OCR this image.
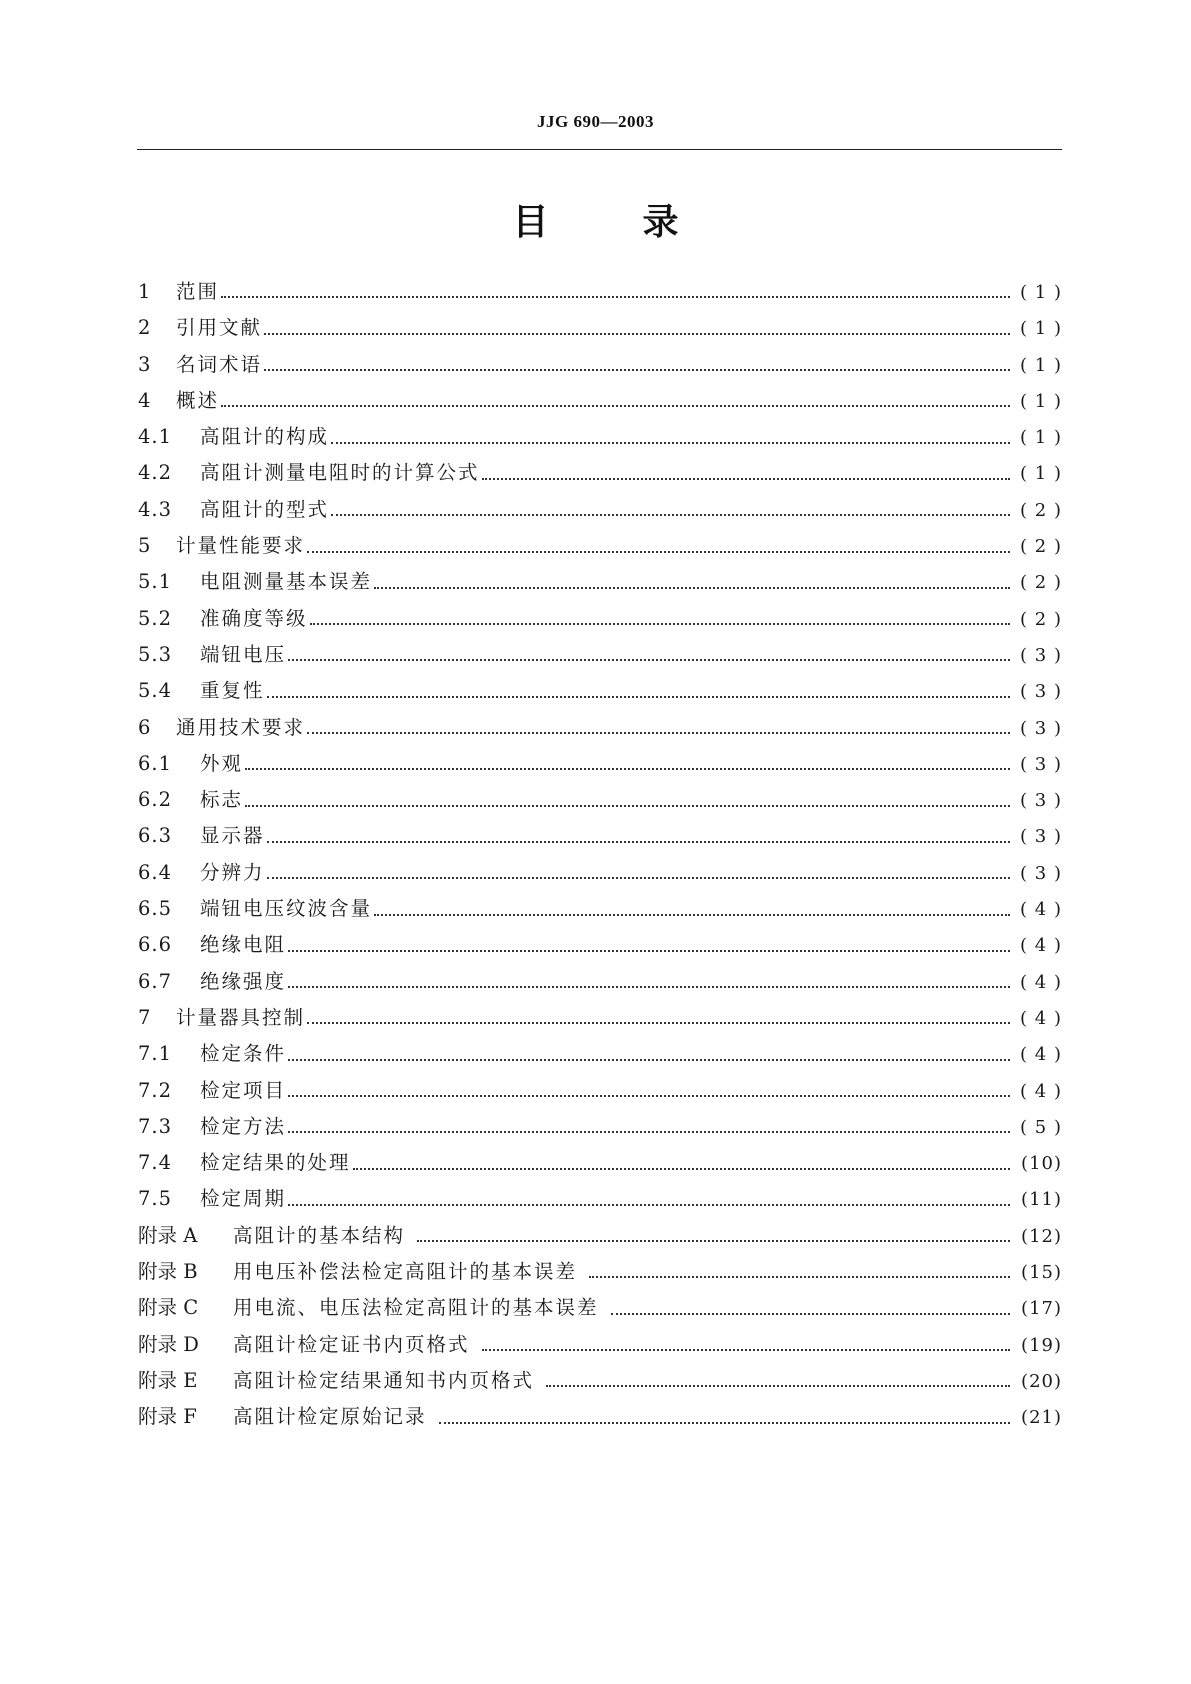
JJG 690—2003
目	录
1	范围	( 1 )
2	引用文献	( 1 )
3	名词术语	( 1 )
4	概述	( 1 )
4.1	高阻计的构成	( 1 )
4.2	高阻计测量电阻时的计算公式	( 1 )
4.3	高阻计的型式	( 2 )
5	计量性能要求	( 2 )
5.1	电阻测量基本误差	( 2 )
5.2	准确度等级	( 2 )
5.3	端钮电压	( 3 )
5.4	重复性	( 3 )
6	通用技术要求	( 3 )
6.1	外观	( 3 )
6.2	标志	( 3 )
6.3	显示器	( 3 )
6.4	分辨力	( 3 )
6.5	端钮电压纹波含量	( 4 )
6.6	绝缘电阻	( 4 )
6.7	绝缘强度	( 4 )
7	计量器具控制	( 4 )
7.1	检定条件	( 4 )
7.2	检定项目	( 4 )
7.3	检定方法	( 5 )
7.4	检定结果的处理	(10)
7.5	检定周期	(11)
附录 A	高阻计的基本结构	(12)
附录 B	用电压补偿法检定高阻计的基本误差	(15)
附录 C	用电流、电压法检定高阻计的基本误差	(17)
附录 D	高阻计检定证书内页格式	(19)
附录 E	高阻计检定结果通知书内页格式	(20)
附录 F	高阻计检定原始记录	(21)
